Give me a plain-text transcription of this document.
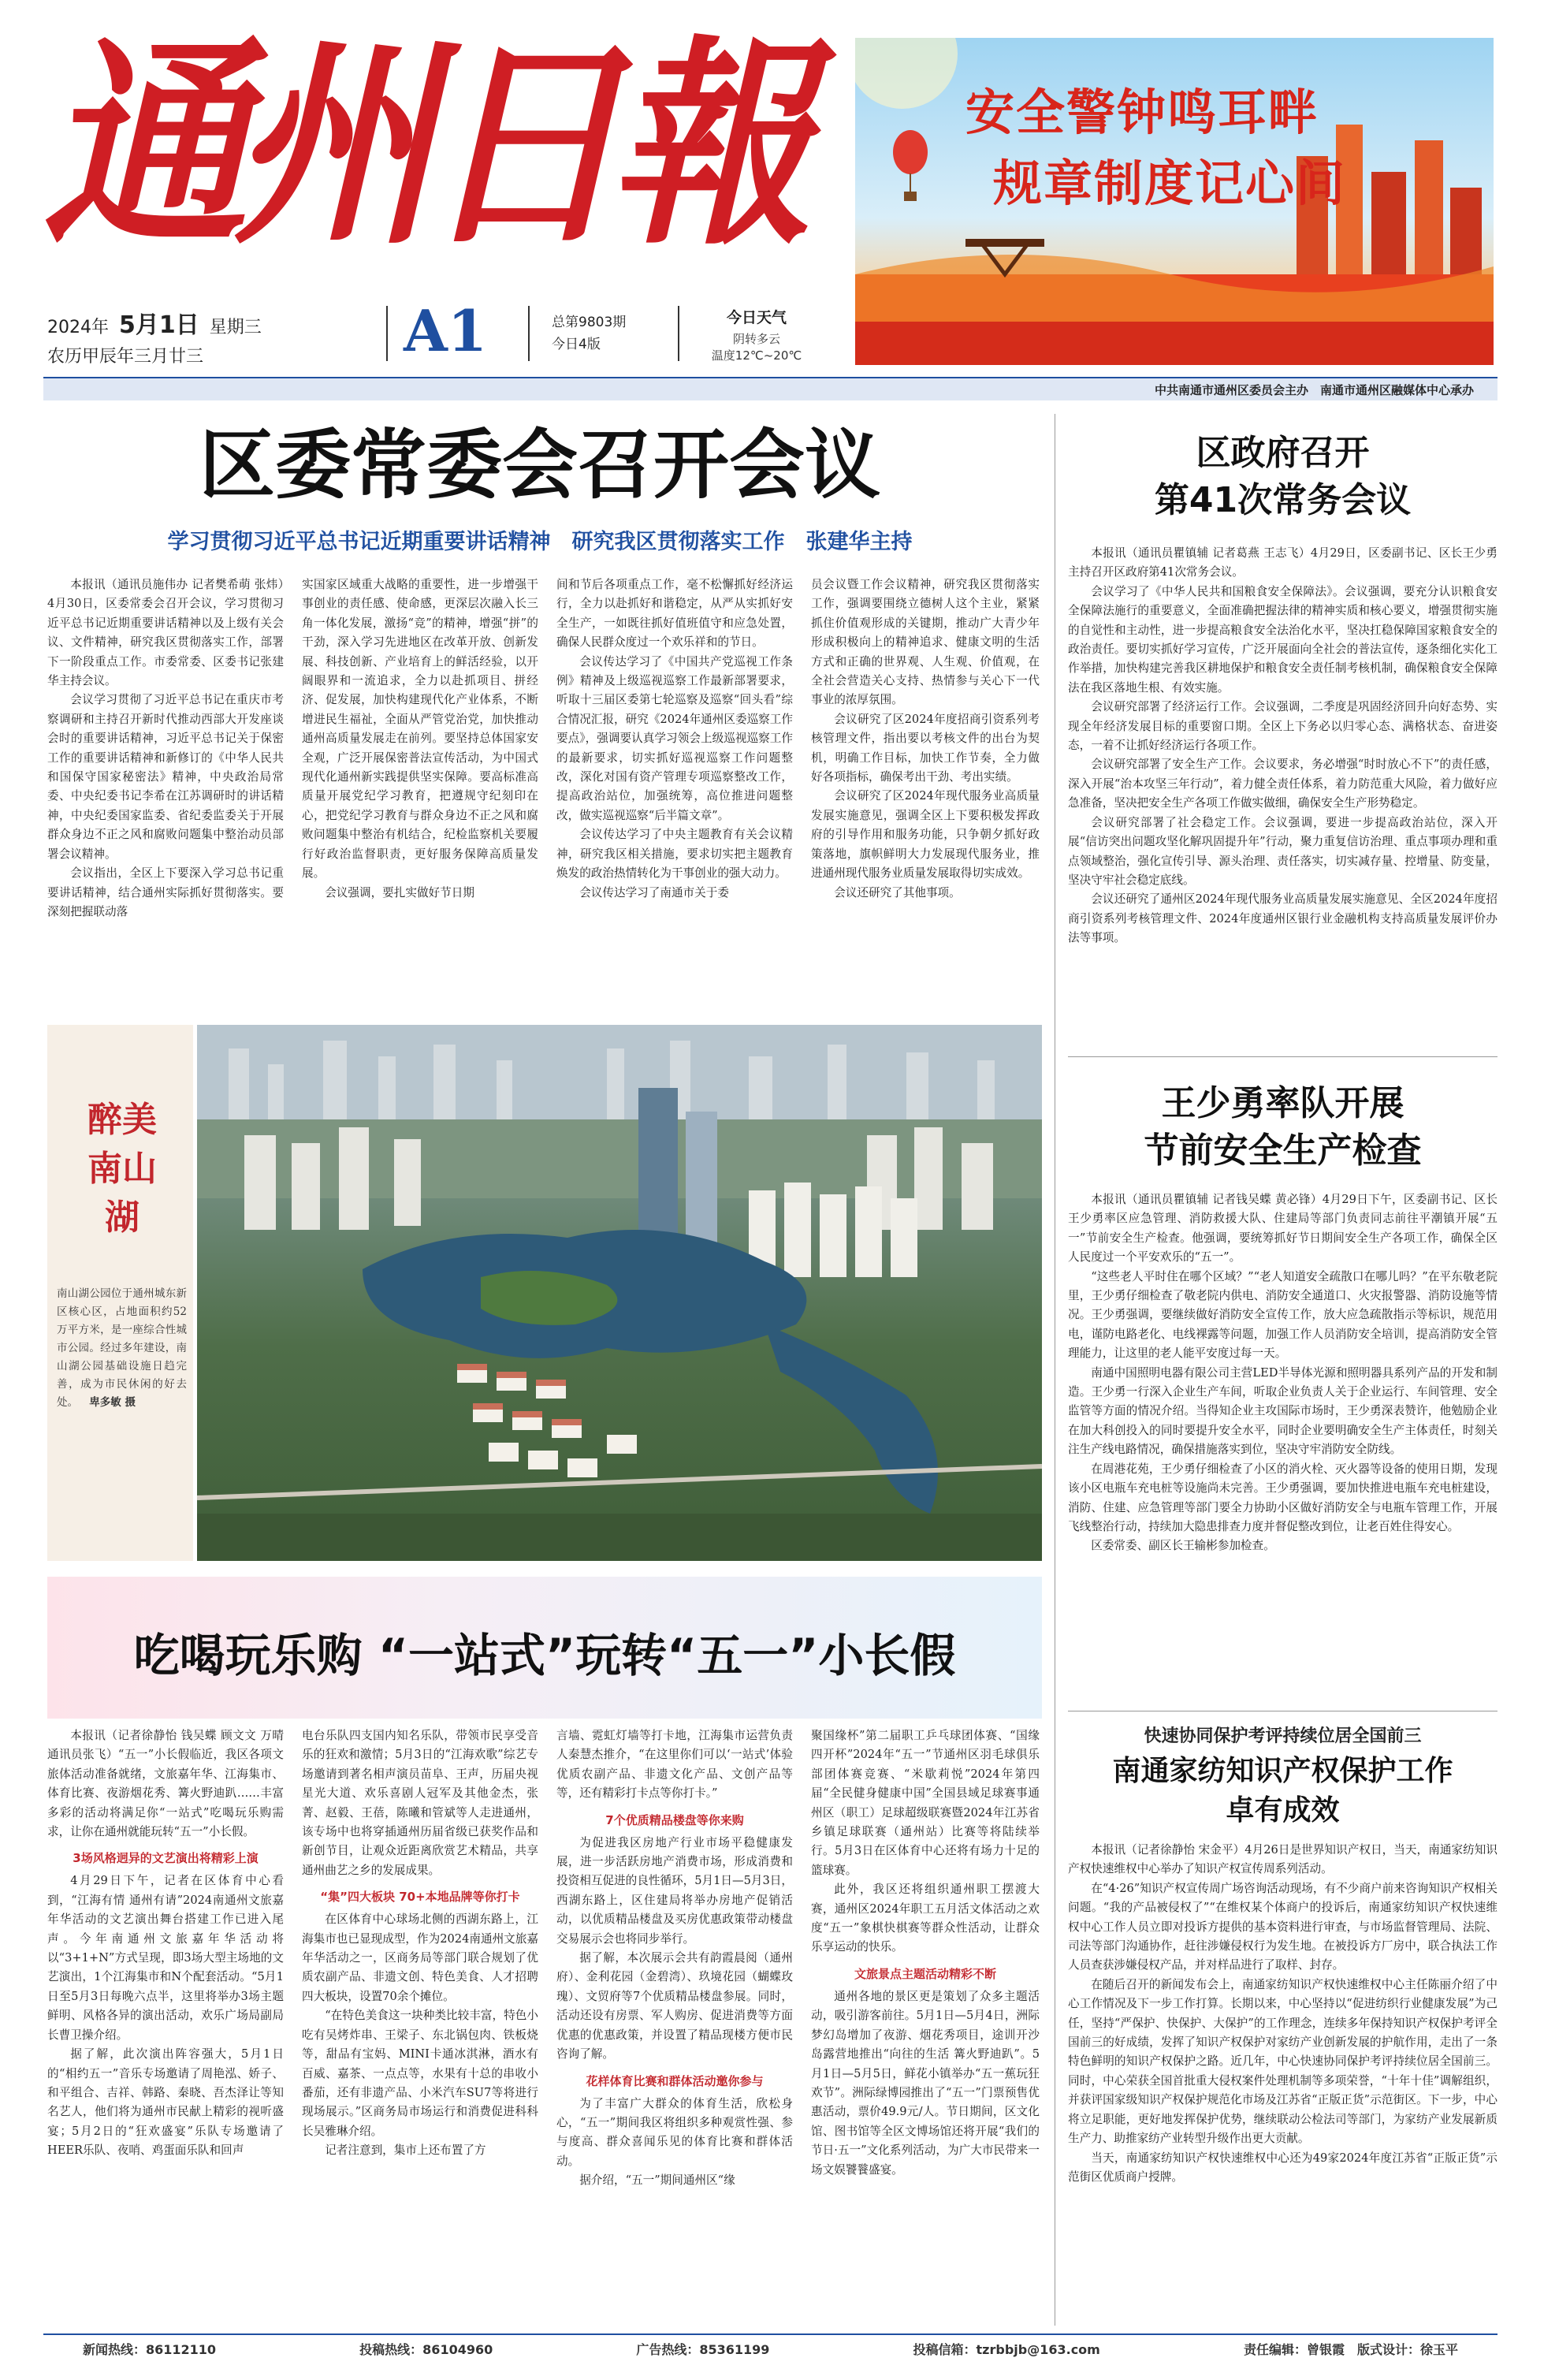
通州日報
2024年 5月1日 星期三
农历甲辰年三月廿三	A1	总第9803期
今日4版
今日天气
阴转多云
温度12℃~20℃
安全警钟鸣耳畔
规章制度记心间
中共南通市通州区委员会主办　南通市通州区融媒体中心承办
区委常委会召开会议
学习贯彻习近平总书记近期重要讲话精神　研究我区贯彻落实工作　张建华主持

本报讯（通讯员施伟办 记者樊希萌 张炜）4月30日，区委常委会召开会议，学习贯彻习近平总书记近期重要讲话精神以及上级有关会议、文件精神，研究我区贯彻落实工作，部署下一阶段重点工作。市委常委、区委书记张建华主持会议。

会议学习贯彻了习近平总书记在重庆市考察调研和主持召开新时代推动西部大开发座谈会时的重要讲话精神，习近平总书记关于保密工作的重要讲话精神和新修订的《中华人民共和国保守国家秘密法》精神，中央政治局常委、中央纪委书记李希在江苏调研时的讲话精神，中央纪委国家监委、省纪委监委关于开展群众身边不正之风和腐败问题集中整治动员部署会议精神。

会议指出，全区上下要深入学习总书记重要讲话精神，结合通州实际抓好贯彻落实。要深刻把握联动落

实国家区域重大战略的重要性，进一步增强干事创业的责任感、使命感，更深层次融入长三角一体化发展，激扬“竞”的精神，增强“拼”的干劲，深入学习先进地区在改革开放、创新发展、科技创新、产业培育上的鲜活经验，以开阔眼界和一流追求，全力以赴抓项目、拼经济、促发展，加快构建现代化产业体系，不断增进民生福祉，全面从严管党治党，加快推动通州高质量发展走在前列。要坚持总体国家安全观，广泛开展保密普法宣传活动，为中国式现代化通州新实践提供坚实保障。要高标准高质量开展党纪学习教育，把遵规守纪刻印在心，把党纪学习教育与群众身边不正之风和腐败问题集中整治有机结合，纪检监察机关要履行好政治监督职责，更好服务保障高质量发展。

会议强调，要扎实做好节日期

间和节后各项重点工作，毫不松懈抓好经济运行，全力以赴抓好和谐稳定，从严从实抓好安全生产，一如既往抓好值班值守和应急处置，确保人民群众度过一个欢乐祥和的节日。

会议传达学习了《中国共产党巡视工作条例》精神及上级巡视巡察工作最新部署要求，听取十三届区委第七轮巡察及巡察“回头看”综合情况汇报，研究《2024年通州区委巡察工作要点》，强调要认真学习领会上级巡视巡察工作的最新要求，切实抓好巡视巡察工作问题整改，深化对国有资产管理专项巡察整改工作，提高政治站位，加强统筹，高位推进问题整改，做实巡视巡察“后半篇文章”。

会议传达学习了中央主题教育有关会议精神，研究我区相关措施，要求切实把主题教育焕发的政治热情转化为干事创业的强大动力。

会议传达学习了南通市关于委

员会议暨工作会议精神，研究我区贯彻落实工作，强调要围绕立德树人这个主业，紧紧抓住价值观形成的关键期，推动广大青少年形成积极向上的精神追求、健康文明的生活方式和正确的世界观、人生观、价值观，在全社会营造关心支持、热情参与关心下一代事业的浓厚氛围。

会议研究了区2024年度招商引资系列考核管理文件，指出要以考核文件的出台为契机，明确工作目标，加快工作节奏，全力做好各项指标，确保考出干劲、考出实绩。

会议研究了区2024年现代服务业高质量发展实施意见，强调全区上下要积极发挥政府的引导作用和服务功能，只争朝夕抓好政策落地，旗帜鲜明大力发展现代服务业，推进通州现代服务业质量发展取得切实成效。

会议还研究了其他事项。

醉美南山湖
南山湖公园位于通州城东新区核心区，占地面积约52万平方米，是一座综合性城市公园。经过多年建设，南山湖公园基础设施日趋完善，成为市民休闲的好去处。 卑多敏 摄
吃喝玩乐购 “一站式”玩转“五一”小长假

本报讯（记者徐静怡 钱吴蝶 顾文文 万晴 通讯员张飞）“五一”小长假临近，我区各项文旅体活动准备就绪，文旅嘉年华、江海集市、体育比赛、夜游烟花秀、篝火野迪趴……丰富多彩的活动将满足你“一站式”吃喝玩乐购需求，让你在通州就能玩转“五一”小长假。

3场风格迥异的文艺演出将精彩上演

4月29日下午，记者在区体育中心看到，“江海有情 通州有请”2024南通州文旅嘉年华活动的文艺演出舞台搭建工作已进入尾声。今年南通州文旅嘉年华活动将以“3+1+N”方式呈现，即3场大型主场地的文艺演出，1个江海集市和N个配套活动。“5月1日至5月3日每晚六点半，这里将举办3场主题鲜明、风格各异的演出活动，欢乐广场局副局长曹卫操介绍。

据了解，此次演出阵容强大，5月1日的“相约五一”音乐专场邀请了周艳泓、娇子、和平组合、吉祥、韩路、秦晓、吾杰泽让等知名艺人，他们将为通州市民献上精彩的视听盛宴；5月2日的“狂欢盛宴”乐队专场邀请了HEER乐队、夜哨、鸡蛋面乐队和回声

电台乐队四支国内知名乐队，带领市民享受音乐的狂欢和激情；5月3日的“江海欢歌”综艺专场邀请到著名相声演员苗阜、王声，历届央视星光大道、欢乐喜剧人冠军及其他金杰，张菁、赵毅、王蓓，陈曦和管斌等人走进通州，该专场中也将穿插通州历届省级已获奖作品和新创节目，让观众近距离欣赏艺术精品，共享通州曲艺之乡的发展成果。

“集”四大板块 70+本地品牌等你打卡

在区体育中心球场北侧的西湖东路上，江海集市也已显现成型，作为2024南通州文旅嘉年华活动之一，区商务局等部门联合规划了优质农副产品、非遗文创、特色美食、人才招聘四大板块，设置70余个摊位。

“在特色美食这一块种类比较丰富，特色小吃有吴烤炸串、王梁子、东北锅包肉、铁板烧等，甜品有宝妈、MINI卡通冰淇淋，酒水有百威、嘉茶、一点点等，水果有十总的串收小番茄，还有非遗产品、小米汽车SU7等将进行现场展示。”区商务局市场运行和消费促进科科长吴雅琳介绍。

记者注意到，集市上还布置了方

言墙、霓虹灯墙等打卡地，江海集市运营负责人秦慧杰推介，“在这里你们可以‘一站式’体验优质农副产品、非遗文化产品、文创产品等等，还有精彩打卡点等你打卡。”

7个优质精品楼盘等你来购

为促进我区房地产行业市场平稳健康发展，进一步活跃房地产消费市场，形成消费和投资相互促进的良性循环，5月1日—5月3日，西湖东路上，区住建局将举办房地产促销活动，以优质精品楼盘及买房优惠政策带动楼盘交易展示会也将同步举行。

据了解，本次展示会共有韵霞晨阅（通州府）、金利花园（金碧湾）、玖境花园（蝴蝶玫瑰）、文贸府等7个优质精品楼盘参展。同时，活动还设有房票、军人购房、促进消费等方面优惠的优惠政策，并设置了精品现楼方便市民咨询了解。

花样体育比赛和群体活动邀你参与

为了丰富广大群众的体育生活，欣松身心，“五一”期间我区将组织多种观赏性强、参与度高、群众喜闻乐见的体育比赛和群体活动。

据介绍，“五一”期间通州区“缘

聚国缘杯”第二届职工乒乓球团体赛、“国缘四开杯”2024年“五一”节通州区羽毛球俱乐部团体赛竞赛、“米歇莉悦”2024年第四届“全民健身健康中国”全国县域足球赛事通州区（职工）足球超级联赛暨2024年江苏省乡镇足球联赛（通州站）比赛等将陆续举行。5月3日在区体育中心还将有场力十足的篮球赛。

此外，我区还将组织通州职工摆渡大赛，通州区2024年职工五月活文体活动之欢度“五一”象棋快棋赛等群众性活动，让群众乐享运动的快乐。

文旅景点主题活动精彩不断

通州各地的景区更是策划了众多主题活动，吸引游客前往。5月1日—5月4日，洲际梦幻岛增加了夜游、烟花秀项目，途训开沙岛露营地推出“向往的生活 篝火野迪趴”。5月1日—5月5日，鲜花小镇举办“五一蕉玩狂欢节”。洲际绿博园推出了“五一”门票预售优惠活动，票价49.9元/人。节日期间，区文化馆、图书馆等全区文博场馆还将开展“我们的节日·五一”文化系列活动，为广大市民带来一场文娱饕餮盛宴。

区政府召开
第41次常务会议

本报讯（通讯员瞿镇辅 记者葛燕 王志飞）4月29日，区委副书记、区长王少勇主持召开区政府第41次常务会议。

会议学习了《中华人民共和国粮食安全保障法》。会议强调，要充分认识粮食安全保障法施行的重要意义，全面准确把握法律的精神实质和核心要义，增强贯彻实施的自觉性和主动性，进一步提高粮食安全法治化水平，坚决扛稳保障国家粮食安全的政治责任。要切实抓好学习宣传，广泛开展面向全社会的普法宣传，逐条细化实化工作举措，加快构建完善我区耕地保护和粮食安全责任制考核机制，确保粮食安全保障法在我区落地生根、有效实施。

会议研究部署了经济运行工作。会议强调，二季度是巩固经济回升向好态势、实现全年经济发展目标的重要窗口期。全区上下务必以归零心态、满格状态、奋进姿态，一着不让抓好经济运行各项工作。

会议研究部署了安全生产工作。会议要求，务必增强“时时放心不下”的责任感，深入开展“治本攻坚三年行动”，着力健全责任体系，着力防范重大风险，着力做好应急准备，坚决把安全生产各项工作做实做细，确保安全生产形势稳定。

会议研究部署了社会稳定工作。会议强调，要进一步提高政治站位，深入开展“信访突出问题攻坚化解巩固提升年”行动，聚力重复信访治理、重点事项办理和重点领域整治，强化宣传引导、源头治理、责任落实，切实减存量、控增量、防变量，坚决守牢社会稳定底线。

会议还研究了通州区2024年现代服务业高质量发展实施意见、全区2024年度招商引资系列考核管理文件、2024年度通州区银行业金融机构支持高质量发展评价办法等事项。

王少勇率队开展
节前安全生产检查

本报讯（通讯员瞿镇辅 记者钱吴蝶 黄必锋）4月29日下午，区委副书记、区长王少勇率区应急管理、消防救援大队、住建局等部门负责同志前往平潮镇开展“五一”节前安全生产检查。他强调，要统筹抓好节日期间安全生产各项工作，确保全区人民度过一个平安欢乐的“五一”。

“这些老人平时住在哪个区域？”“老人知道安全疏散口在哪儿吗？”在平东敬老院里，王少勇仔细检查了敬老院内供电、消防安全通道口、火灾报警器、消防设施等情况。王少勇强调，要继续做好消防安全宣传工作，放大应急疏散指示等标识，规范用电，谨防电路老化、电线裸露等问题，加强工作人员消防安全培训，提高消防安全管理能力，让这里的老人能平安度过每一天。

南通中国照明电器有限公司主营LED半导体光源和照明器具系列产品的开发和制造。王少勇一行深入企业生产车间，听取企业负责人关于企业运行、车间管理、安全监管等方面的情况介绍。当得知企业主攻国际市场时，王少勇深表赞许，他勉励企业在加大科创投入的同时要提升安全水平，同时企业要明确安全生产主体责任，时刻关注生产线电路情况，确保措施落实到位，坚决守牢消防安全防线。

在周港花苑，王少勇仔细检查了小区的消火栓、灭火器等设备的使用日期，发现该小区电瓶车充电桩等设施尚未完善。王少勇强调，要加快推进电瓶车充电桩建设，消防、住建、应急管理等部门要全力协助小区做好消防安全与电瓶车管理工作，开展飞线整治行动，持续加大隐患排查力度并督促整改到位，让老百姓住得安心。

区委常委、副区长王输彬参加检查。

快速协同保护考评持续位居全国前三
南通家纺知识产权保护工作
卓有成效

本报讯（记者徐静怡 宋金平）4月26日是世界知识产权日，当天，南通家纺知识产权快速维权中心举办了知识产权宣传周系列活动。

在“4·26”知识产权宣传周广场咨询活动现场，有不少商户前来咨询知识产权相关问题。“我的产品被侵权了”“在维权某个体商户的投诉后，南通家纺知识产权快速维权中心工作人员立即对投诉方提供的基本资料进行审查，与市场监督管理局、法院、司法等部门沟通协作，赶往涉嫌侵权行为发生地。在被投诉方厂房中，联合执法工作人员查获涉嫌侵权产品，并对样品进行了取样、封存。

在随后召开的新闻发布会上，南通家纺知识产权快速维权中心主任陈丽介绍了中心工作情况及下一步工作打算。长期以来，中心坚持以“促进纺织行业健康发展”为己任，坚持“严保护、快保护、大保护”的工作理念，连续多年保持知识产权保护考评全国前三的好成绩，发挥了知识产权保护对家纺产业创新发展的护航作用，走出了一条特色鲜明的知识产权保护之路。近几年，中心快速协同保护考评持续位居全国前三。同时，中心荣获全国首批重大侵权案件处理机制等多项荣誉，“十年十佳”调解组织，并获评国家级知识产权保护规范化市场及江苏省“正版正货”示范街区。下一步，中心将立足职能，更好地发挥保护优势，继续联动公检法司等部门，为家纺产业发展新质生产力、助推家纺产业转型升级作出更大贡献。

当天，南通家纺知识产权快速维权中心还为49家2024年度江苏省“正版正货”示范街区优质商户授牌。

新闻热线：86112110	投稿热线：86104960	广告热线：85361199	投稿信箱：tzrbbjb@163.com	责任编辑：曾银霞　版式设计：徐玉平
